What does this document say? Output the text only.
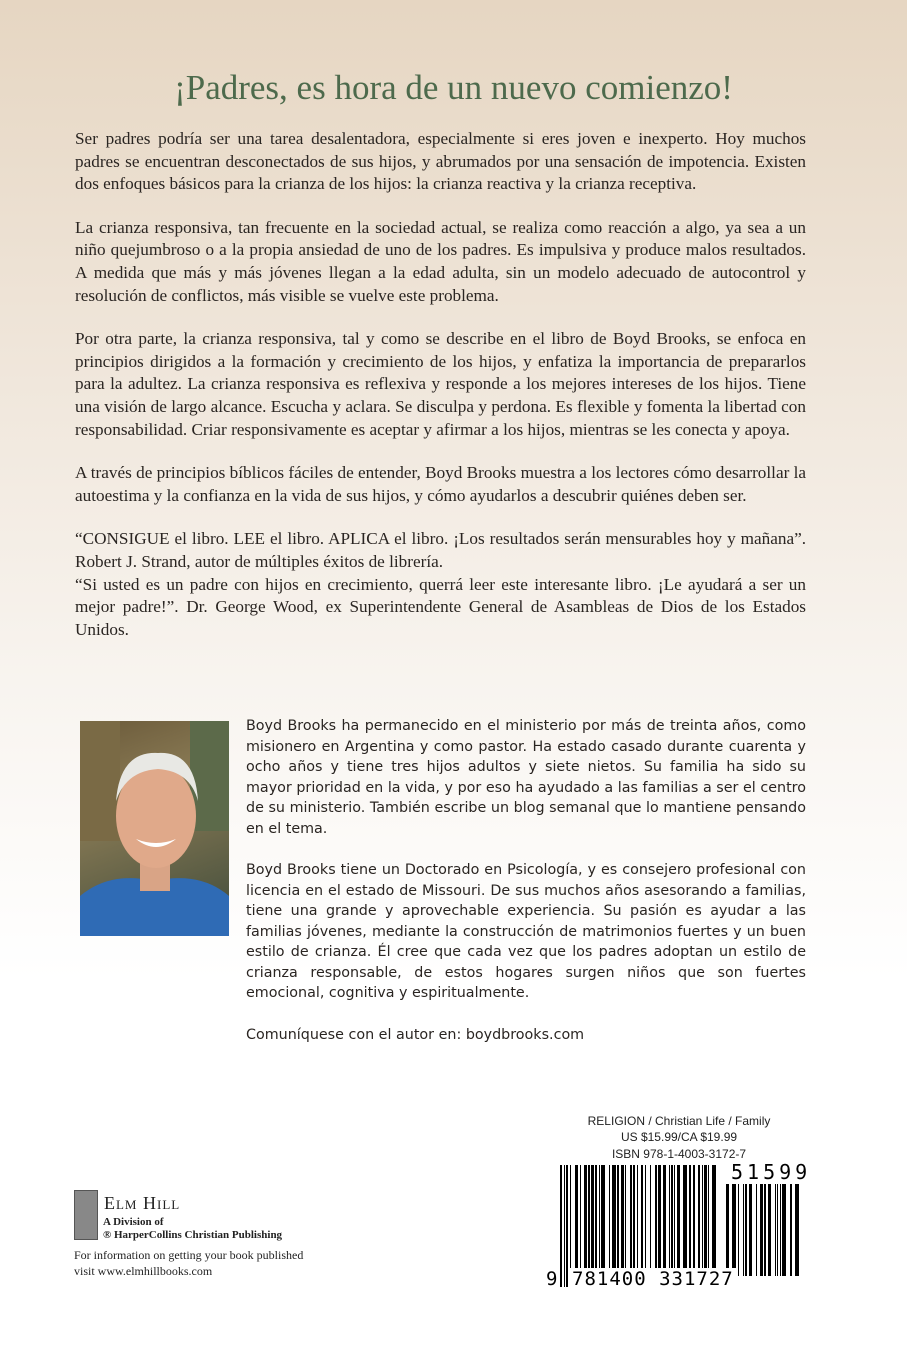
¡Padres, es hora de un nuevo comienzo!

Ser padres podría ser una tarea desalentadora, especialmente si eres joven e inexperto. Hoy muchos padres se encuentran desconectados de sus hijos, y abrumados por una sensación de impotencia. Existen dos enfoques básicos para la crianza de los hijos: la crianza reactiva y la crianza receptiva.

La crianza responsiva, tan frecuente en la sociedad actual, se realiza como reacción a algo, ya sea a un niño quejumbroso o a la propia ansiedad de uno de los padres. Es impulsiva y produce malos resultados. A medida que más y más jóvenes llegan a la edad adulta, sin un modelo adecuado de autocontrol y resolución de conflictos, más visible se vuelve este problema.

Por otra parte, la crianza responsiva, tal y como se describe en el libro de Boyd Brooks, se enfoca en principios dirigidos a la formación y crecimiento de los hijos, y enfatiza la importancia de prepararlos para la adultez. La crianza responsiva es reflexiva y responde a los mejores intereses de los hijos. Tiene una visión de largo alcance. Escucha y aclara. Se disculpa y perdona. Es flexible y fomenta la libertad con responsabilidad. Criar responsivamente es aceptar y afirmar a los hijos, mientras se les conecta y apoya.

A través de principios bíblicos fáciles de entender, Boyd Brooks muestra a los lectores cómo desarrollar la autoestima y la confianza en la vida de sus hijos, y cómo ayudarlos a descubrir quiénes deben ser.

“CONSIGUE el libro. LEE el libro. APLICA el libro. ¡Los resultados serán mensurables hoy y mañana”. Robert J. Strand, autor de múltiples éxitos de librería.

“Si usted es un padre con hijos en crecimiento, querrá leer este interesante libro. ¡Le ayudará a ser un mejor padre!”. Dr. George Wood, ex Superintendente General de Asambleas de Dios de los Estados Unidos.

Boyd Brooks ha permanecido en el ministerio por más de treinta años, como misionero en Argentina y como pastor. Ha estado casado durante cuarenta y ocho años y tiene tres hijos adultos y siete nietos. Su familia ha sido su mayor prioridad en la vida, y por eso ha ayudado a las familias a ser el centro de su ministerio. También escribe un blog semanal que lo mantiene pensando en el tema.

Boyd Brooks tiene un Doctorado en Psicología, y es consejero profesional con licencia en el estado de Missouri. De sus muchos años asesorando a familias, tiene una grande y aprovechable experiencia. Su pasión es ayudar a las familias jóvenes, mediante la construcción de matrimonios fuertes y un buen estilo de crianza. Él cree que cada vez que los padres adoptan un estilo de crianza responsable, de estos hogares surgen niños que son fuertes emocional, cognitiva y espiritualmente.

Comuníquese con el autor en: boydbrooks.com

Elm Hill
A Division of
® HarperCollins Christian Publishing
For information on getting your book published
visit www.elmhillbooks.com
RELIGION / Christian Life / Family
US $15.99/CA $19.99
ISBN 978-1-4003-3172-7
9 781400 331727
51599
